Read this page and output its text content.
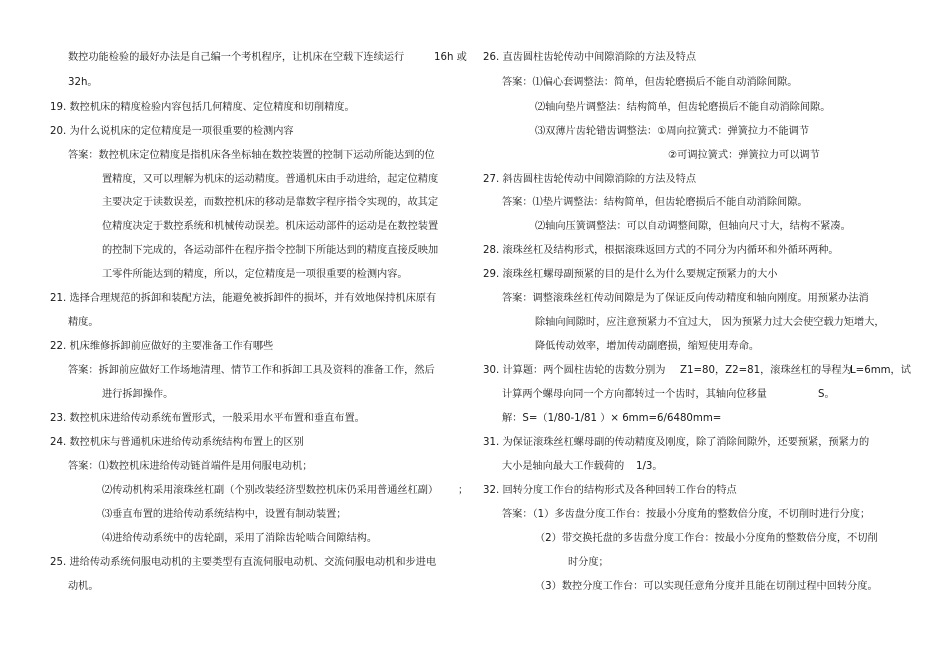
数控功能检验的最好办法是自己编一个考机程序，让机床在空载下连续运行	16h 或
32h。
19. 数控机床的精度检验内容包括几何精度、定位精度和切削精度。
20. 为什么说机床的定位精度是一项很重要的检测内容
答案：数控机床定位精度是指机床各坐标轴在数控装置的控制下运动所能达到的位
置精度，又可以理解为机床的运动精度。普通机床由手动进给，起定位精度
主要决定于读数误差，而数控机床的移动是靠数字程序指令实现的，故其定
位精度决定于数控系统和机械传动误差。机床运动部件的运动是在数控装置
的控制下完成的，各运动部件在程序指令控制下所能达到的精度直接反映加
工零件所能达到的精度，所以，定位精度是一项很重要的检测内容。
21. 选择合理规范的拆卸和装配方法，能避免被拆卸件的损坏，并有效地保持机床原有
精度。
22. 机床维修拆卸前应做好的主要准备工作有哪些
答案：拆卸前应做好工作场地清理、情节工作和拆卸工具及资料的准备工作，然后
进行拆卸操作。
23. 数控机床进给传动系统布置形式，一般采用水平布置和垂直布置。
24. 数控机床与普通机床进给传动系统结构布置上的区别
答案：⑴数控机床进给传动链首端件是用伺服电动机；
⑵传动机构采用滚珠丝杠副（个别改装经济型数控机床仍采用普通丝杠副） ；
⑶垂直布置的进给传动系统结构中，设置有制动装置；
⑷进给传动系统中的齿轮副，采用了消除齿轮啮合间隙结构。
25. 进给传动系统伺服电动机的主要类型有直流伺服电动机、交流伺服电动机和步进电
动机。
26. 直齿圆柱齿轮传动中间隙消除的方法及特点
答案：⑴偏心套调整法：简单，但齿轮磨损后不能自动消除间隙。
⑵轴向垫片调整法：结构简单，但齿轮磨损后不能自动消除间隙。
⑶双薄片齿轮错齿调整法：①周向拉簧式：弹簧拉力不能调节
②可调拉簧式：弹簧拉力可以调节
27. 斜齿圆柱齿轮传动中间隙消除的方法及特点
答案：⑴垫片调整法：结构简单，但齿轮磨损后不能自动消除间隙。
⑵轴向压簧调整法：可以自动调整间隙，但轴向尺寸大，结构不紧凑。
28. 滚珠丝杠及结构形式，根据滚珠返回方式的不同分为内循环和外循环两种。
29. 滚珠丝杠螺母副预紧的目的是什么为什么要规定预紧力的大小
答案：调整滚珠丝杠传动间隙是为了保证反向传动精度和轴向刚度。用预紧办法消
除轴向间隙时，应注意预紧力不宜过大， 因为预紧力过大会使空载力矩增大，
降低传动效率，增加传动副磨损，缩短使用寿命。
30. 计算题：两个圆柱齿轮的齿数分别为 Z1=80，Z2=81，滚珠丝杠的导程为
L=6mm，试
计算两个螺母向同一个方向都转过一个齿时，其轴向位移量	S。
解：S=（1/80-1/81 ）× 6mm=6/6480mm=
31. 为保证滚珠丝杠螺母副的传动精度及刚度，除了消除间隙外，还要预紧，预紧力的
大小是轴向最大工作载荷的 1/3。
32. 回转分度工作台的结构形式及各种回转工作台的特点
答案：（1）多齿盘分度工作台：按最小分度角的整数倍分度，不切削时进行分度；
（2）带交换托盘的多齿盘分度工作台：按最小分度角的整数倍分度，不切削
时分度；
（3）数控分度工作台：可以实现任意角分度并且能在切削过程中回转分度。
